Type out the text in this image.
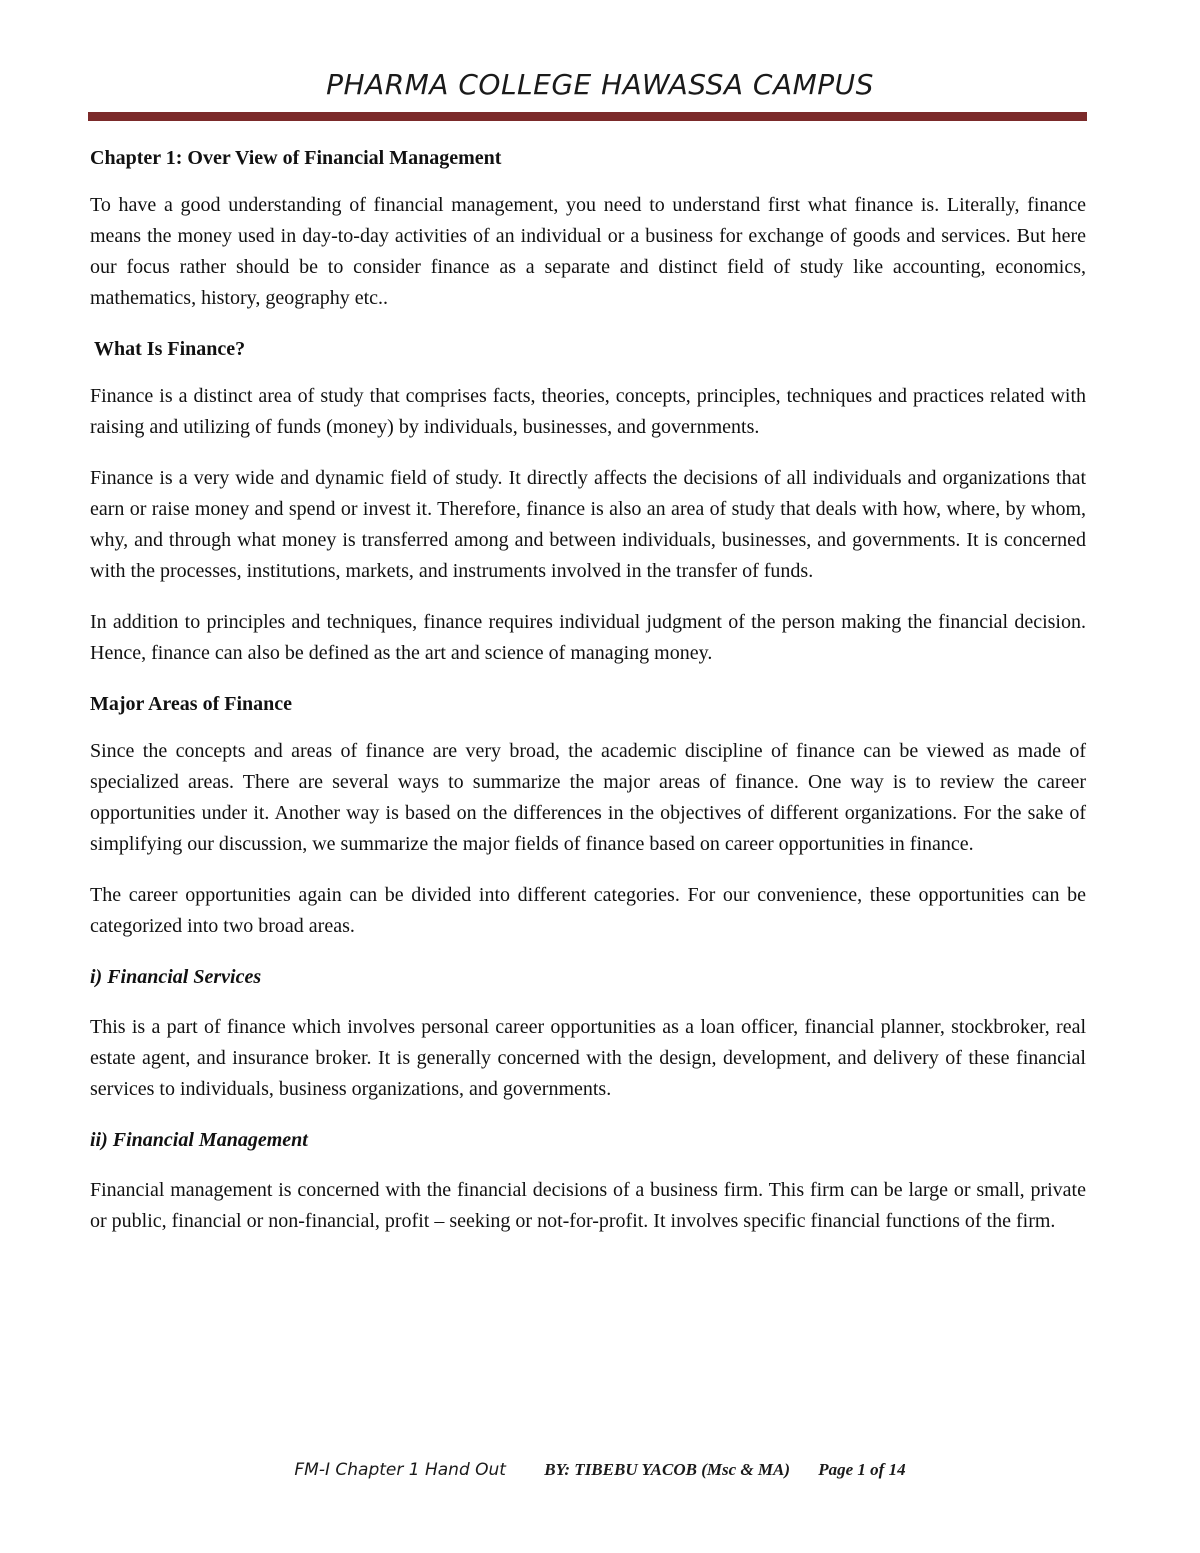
PHARMA COLLEGE HAWASSA CAMPUS
Chapter 1: Over View of Financial Management

To have a good understanding of financial management, you need to understand first what finance is. Literally, finance means the money used in day-to-day activities of an individual or a business for exchange of goods and services. But here our focus rather should be to consider finance as a separate and distinct field of study like accounting, economics, mathematics, history, geography etc..

What Is Finance?

Finance is a distinct area of study that comprises facts, theories, concepts, principles, techniques and practices related with raising and utilizing of funds (money) by individuals, businesses, and governments.

Finance is a very wide and dynamic field of study. It directly affects the decisions of all individuals and organizations that earn or raise money and spend or invest it. Therefore, finance is also an area of study that deals with how, where, by whom, why, and through what money is transferred among and between individuals, businesses, and governments. It is concerned with the processes, institutions, markets, and instruments involved in the transfer of funds.

In addition to principles and techniques, finance requires individual judgment of the person making the financial decision. Hence, finance can also be defined as the art and science of managing money.

Major Areas of Finance

Since the concepts and areas of finance are very broad, the academic discipline of finance can be viewed as made of specialized areas. There are several ways to summarize the major areas of finance. One way is to review the career opportunities under it. Another way is based on the differences in the objectives of different organizations. For the sake of simplifying our discussion, we summarize the major fields of finance based on career opportunities in finance.

The career opportunities again can be divided into different categories. For our convenience, these opportunities can be categorized into two broad areas.

i) Financial Services

This is a part of finance which involves personal career opportunities as a loan officer, financial planner, stockbroker, real estate agent, and insurance broker. It is generally concerned with the design, development, and delivery of these financial services to individuals, business organizations, and governments.

ii) Financial Management

Financial management is concerned with the financial decisions of a business firm. This firm can be large or small, private or public, financial or non-financial, profit – seeking or not-for-profit. It involves specific financial functions of the firm.

FM-I Chapter 1 Hand Out BY: TIBEBU YACOB (Msc & MA) Page 1 of 14
